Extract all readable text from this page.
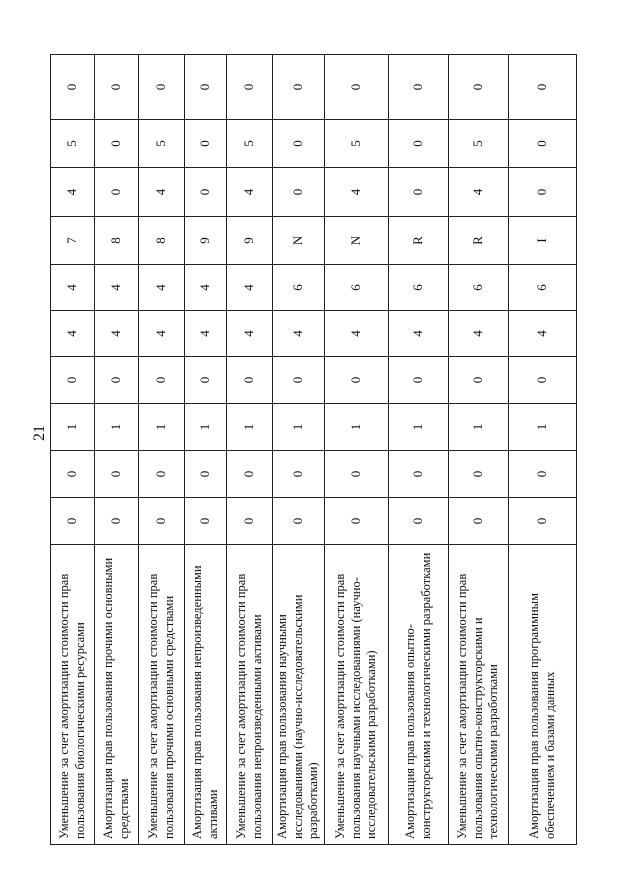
21
Уменьшение за счет амортизации стоимости прав пользования биологическими ресурсами	0	0	1	0	4	4	7	4	5	0
Амортизация прав пользования прочими основными средствами	0	0	1	0	4	4	8	0	0	0
Уменьшение за счет амортизации стоимости прав пользования прочими основными средствами	0	0	1	0	4	4	8	4	5	0
Амортизация прав пользования непроизведенными активами	0	0	1	0	4	4	9	0	0	0
Уменьшение за счет амортизации стоимости прав пользования непроизведенными активами	0	0	1	0	4	4	9	4	5	0
Амортизация прав пользования научными исследованиями (научно-исследовательскими разработками)	0	0	1	0	4	6	N	0	0	0
Уменьшение за счет амортизации стоимости прав пользования научными исследованиями (научно-исследовательскими разработками)	0	0	1	0	4	6	N	4	5	0
Амортизация прав пользования опытно-конструкторскими и технологическими разработками	0	0	1	0	4	6	R	0	0	0
Уменьшение за счет амортизации стоимости прав пользования опытно-конструкторскими и технологическими разработками	0	0	1	0	4	6	R	4	5	0
Амортизация прав пользования программным обеспечением и базами данных	0	0	1	0	4	6	I	0	0	0
